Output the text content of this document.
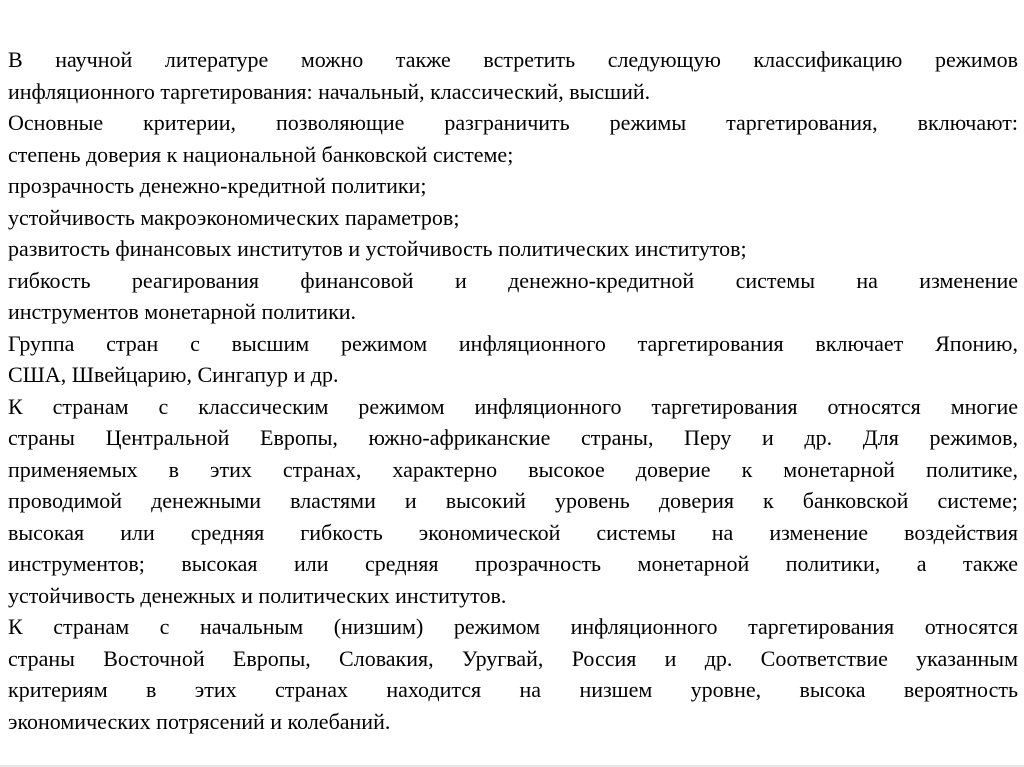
В научной литературе можно также встретить следующую классификацию режимов
инфляционного таргетирования: начальный, классический, высший.
Основные критерии, позволяющие разграничить режимы таргетирования, включают:
степень доверия к национальной банковской системе;
прозрачность денежно-кредитной политики;
устойчивость макроэкономических параметров;
развитость финансовых институтов и устойчивость политических институтов;
гибкость реагирования финансовой и денежно-кредитной системы на изменение
инструментов монетарной политики.
Группа стран с высшим режимом инфляционного таргетирования включает Японию,
США, Швейцарию, Сингапур и др.
К странам с классическим режимом инфляционного таргетирования относятся многие
страны Центральной Европы, южно-африканские страны, Перу и др. Для режимов,
применяемых в этих странах, характерно высокое доверие к монетарной политике,
проводимой денежными властями и высокий уровень доверия к банковской системе;
высокая или средняя гибкость экономической системы на изменение воздействия
инструментов; высокая или средняя прозрачность монетарной политики, а также
устойчивость денежных и политических институтов.
К странам с начальным (низшим) режимом инфляционного таргетирования относятся
страны Восточной Европы, Словакия, Уругвай, Россия и др. Соответствие указанным
критериям в этих странах находится на низшем уровне, высока вероятность
экономических потрясений и колебаний.
